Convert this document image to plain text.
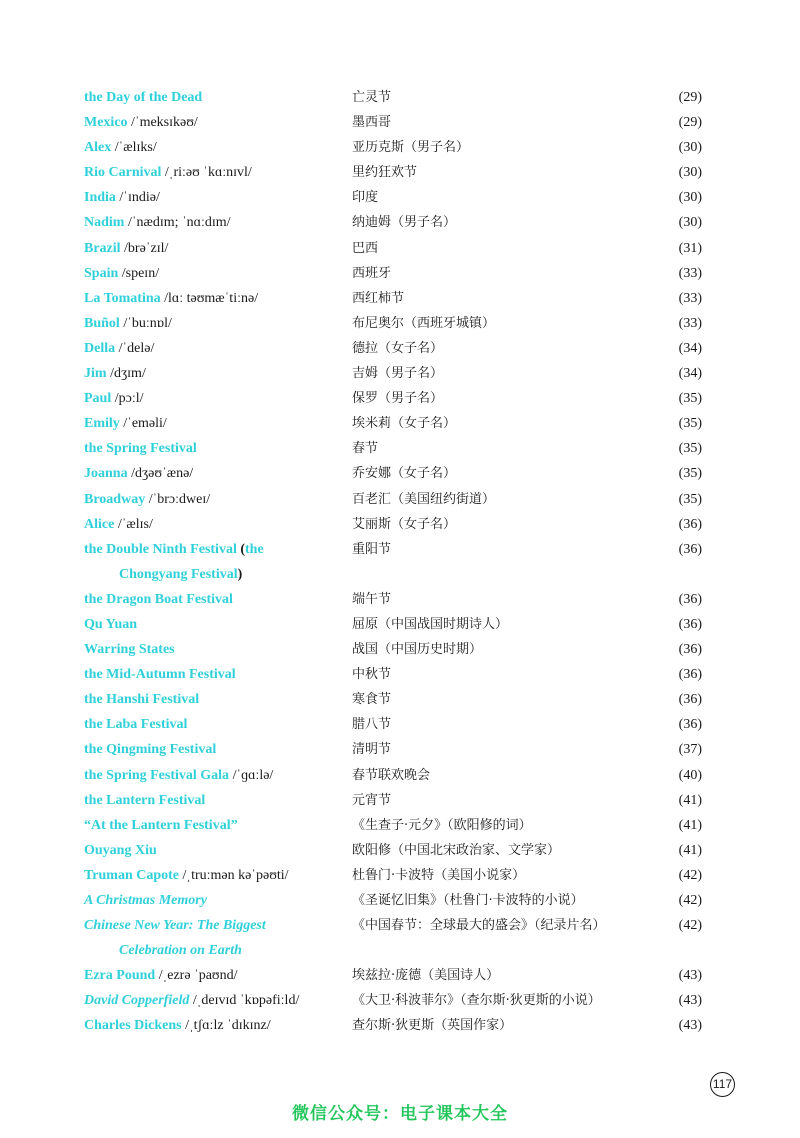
the Day of the Dead	亡灵节	(29)
Mexico /ˈmeksɪkəʊ/	墨西哥	(29)
Alex /ˈælɪks/	亚历克斯（男子名）	(30)
Rio Carnival /ˌriːəʊ ˈkɑːnɪvl/	里约狂欢节	(30)
India /ˈɪndiə/	印度	(30)
Nadim /ˈnædɪm; ˈnɑːdɪm/	纳迪姆（男子名）	(30)
Brazil /brəˈzɪl/	巴西	(31)
Spain /speɪn/	西班牙	(33)
La Tomatina /lɑː təʊmæˈtiːnə/	西红柿节	(33)
Buñol /ˈbuːnɒl/	布尼奥尔（西班牙城镇）	(33)
Della /ˈdelə/	德拉（女子名）	(34)
Jim /dʒɪm/	吉姆（男子名）	(34)
Paul /pɔːl/	保罗（男子名）	(35)
Emily /ˈeməli/	埃米莉（女子名）	(35)
the Spring Festival	春节	(35)
Joanna /dʒəʊˈænə/	乔安娜（女子名）	(35)
Broadway /ˈbrɔːdweɪ/	百老汇（美国纽约街道）	(35)
Alice /ˈælɪs/	艾丽斯（女子名）	(36)
the Double Ninth Festival (the	重阳节	(36)
Chongyang Festival)
the Dragon Boat Festival	端午节	(36)
Qu Yuan	屈原（中国战国时期诗人）	(36)
Warring States	战国（中国历史时期）	(36)
the Mid-Autumn Festival	中秋节	(36)
the Hanshi Festival	寒食节	(36)
the Laba Festival	腊八节	(36)
the Qingming Festival	清明节	(37)
the Spring Festival Gala /ˈɡɑːlə/	春节联欢晚会	(40)
the Lantern Festival	元宵节	(41)
“At the Lantern Festival”	《生查子·元夕》（欧阳修的词）	(41)
Ouyang Xiu	欧阳修（中国北宋政治家、文学家）	(41)
Truman Capote /ˌtruːmən kəˈpəʊti/	杜鲁门·卡波特（美国小说家）	(42)
A Christmas Memory	《圣诞忆旧集》（杜鲁门·卡波特的小说）	(42)
Chinese New Year: The Biggest	《中国春节：全球最大的盛会》（纪录片名）	(42)
Celebration on Earth
Ezra Pound /ˌezrə ˈpaʊnd/	埃兹拉·庞德（美国诗人）	(43)
David Copperfield /ˌdeɪvɪd ˈkɒpəfiːld/	《大卫·科波菲尔》（查尔斯·狄更斯的小说）	(43)
Charles Dickens /ˌtʃɑːlz ˈdɪkɪnz/	查尔斯·狄更斯（英国作家）	(43)
117
微信公众号：电子课本大全
